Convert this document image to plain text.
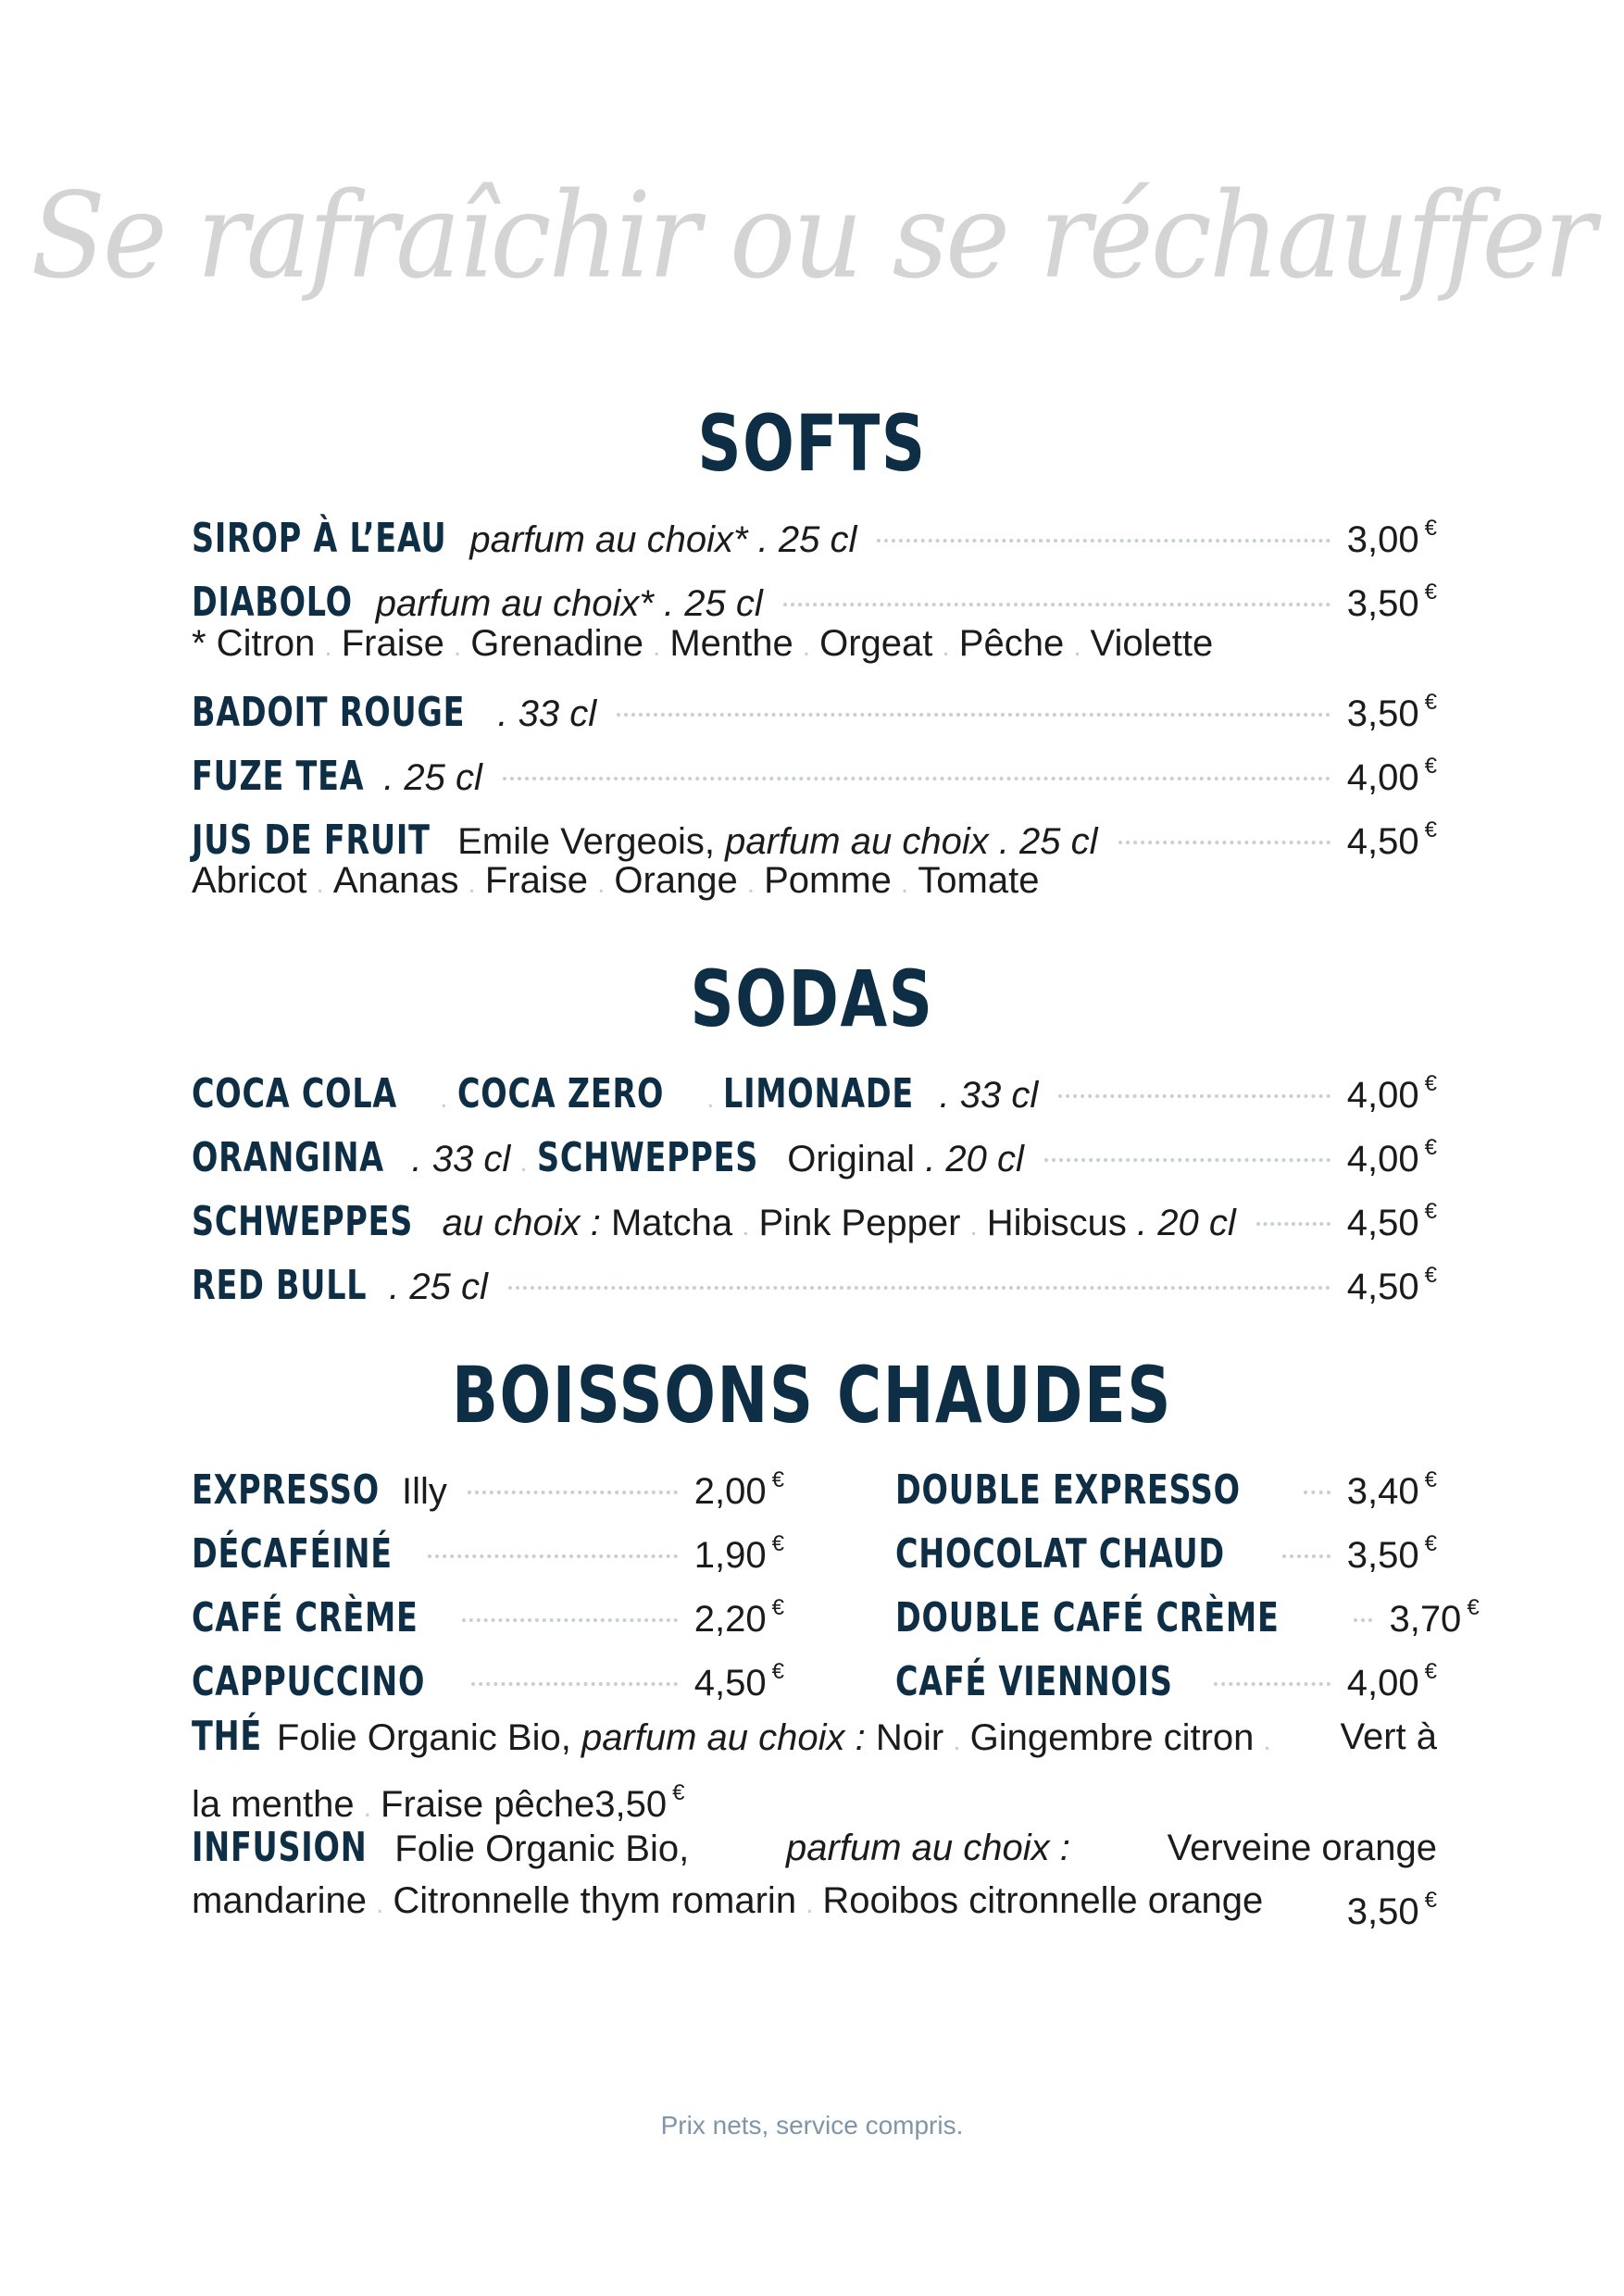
Se rafraîchir ou se réchauffer
SOFTS
SIROP À L’EAU parfum au choix* . 25 cl	3,00 €
DIABOLO parfum au choix* . 25 cl	3,50 €
* Citron . Fraise . Grenadine . Menthe . Orgeat . Pêche . Violette
BADOIT ROUGE . 33 cl	3,50 €
FUZE TEA . 25 cl	4,00 €
JUS DE FRUIT Emile Vergeois, parfum au choix . 25 cl	4,50 €
Abricot . Ananas . Fraise . Orange . Pomme . Tomate
SODAS
COCA COLA . COCA ZERO . LIMONADE . 33 cl	4,00 €
ORANGINA . 33 cl . SCHWEPPES Original . 20 cl	4,00 €
SCHWEPPES au choix : Matcha . Pink Pepper . Hibiscus . 20 cl	4,50 €
RED BULL . 25 cl	4,50 €
BOISSONS CHAUDES
EXPRESSO Illy	2,00 €
DÉCAFÉINÉ	1,90 €
CAFÉ CRÈME	2,20 €
CAPPUCCINO	4,50 €
DOUBLE EXPRESSO	3,40 €
CHOCOLAT CHAUD	3,50 €
DOUBLE CAFÉ CRÈME	3,70 €
CAFÉ VIENNOIS	4,00 €
THÉ Folie Organic Bio, parfum au choix : Noir . Gingembre citron . Vert à
la menthe . Fraise pêche 3,50 €
INFUSION Folie Organic Bio,	parfum au choix :	Verveine orange
mandarine . Citronnelle thym romarin . Rooibos citronnelle orange 3,50 €
Prix nets, service compris.
